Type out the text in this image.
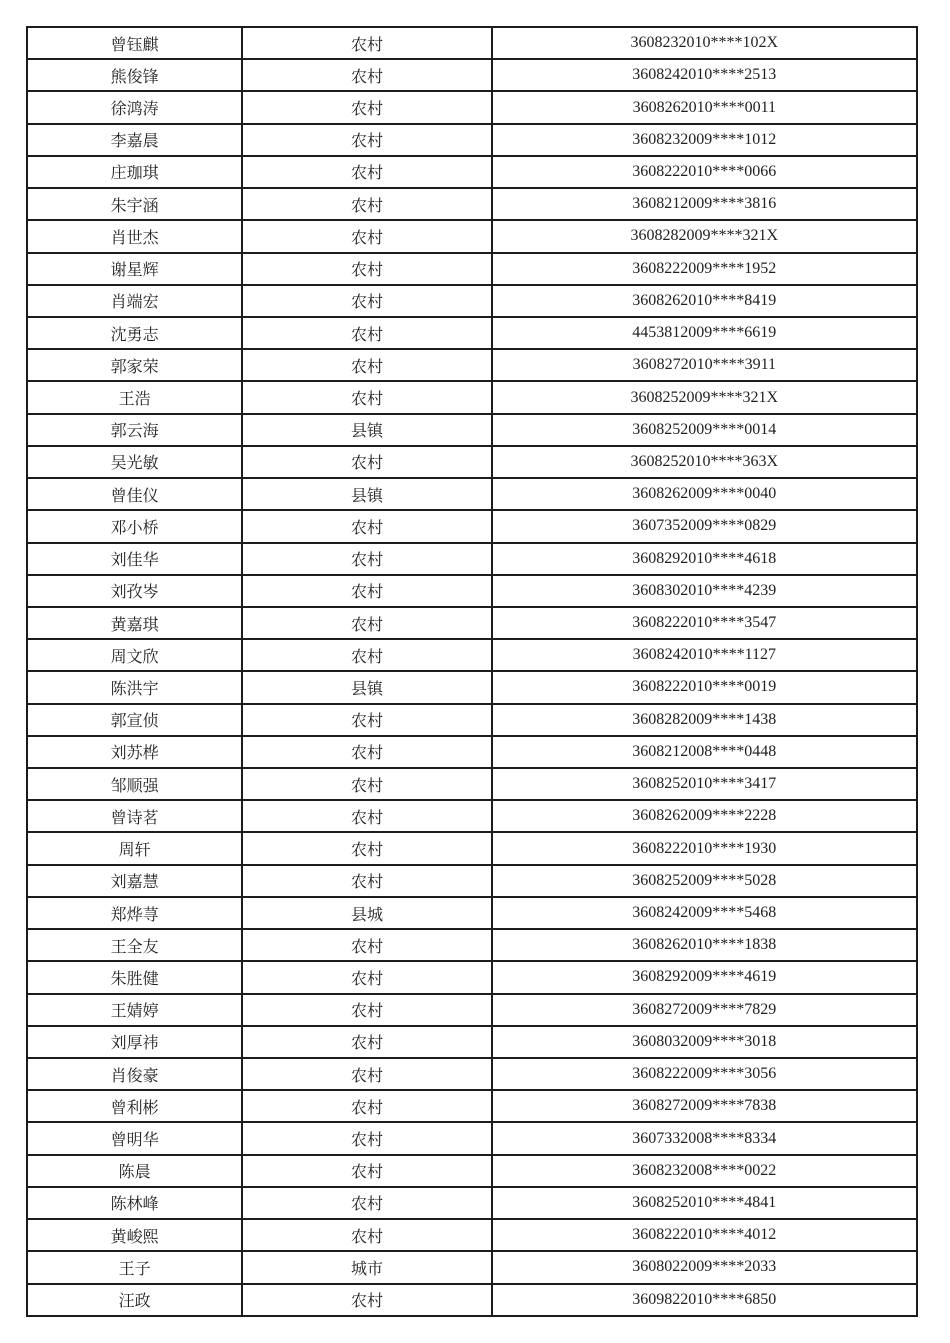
曾钰麒	农村	3608232010****102X
熊俊锋	农村	3608242010****2513
徐鸿涛	农村	3608262010****0011
李嘉晨	农村	3608232009****1012
庄珈琪	农村	3608222010****0066
朱宇涵	农村	3608212009****3816
肖世杰	农村	3608282009****321X
谢星辉	农村	3608222009****1952
肖端宏	农村	3608262010****8419
沈勇志	农村	4453812009****6619
郭家荣	农村	3608272010****3911
王浩	农村	3608252009****321X
郭云海	县镇	3608252009****0014
吴光敏	农村	3608252010****363X
曾佳仪	县镇	3608262009****0040
邓小桥	农村	3607352009****0829
刘佳华	农村	3608292010****4618
刘孜岑	农村	3608302010****4239
黄嘉琪	农村	3608222010****3547
周文欣	农村	3608242010****1127
陈洪宇	县镇	3608222010****0019
郭宣侦	农村	3608282009****1438
刘苏桦	农村	3608212008****0448
邹顺强	农村	3608252010****3417
曾诗茗	农村	3608262009****2228
周轩	农村	3608222010****1930
刘嘉慧	农村	3608252009****5028
郑烨荨	县城	3608242009****5468
王全友	农村	3608262010****1838
朱胜健	农村	3608292009****4619
王婧婷	农村	3608272009****7829
刘厚祎	农村	3608032009****3018
肖俊豪	农村	3608222009****3056
曾利彬	农村	3608272009****7838
曾明华	农村	3607332008****8334
陈晨	农村	3608232008****0022
陈林峰	农村	3608252010****4841
黄峻熙	农村	3608222010****4012
王子	城市	3608022009****2033
汪政	农村	3609822010****6850
